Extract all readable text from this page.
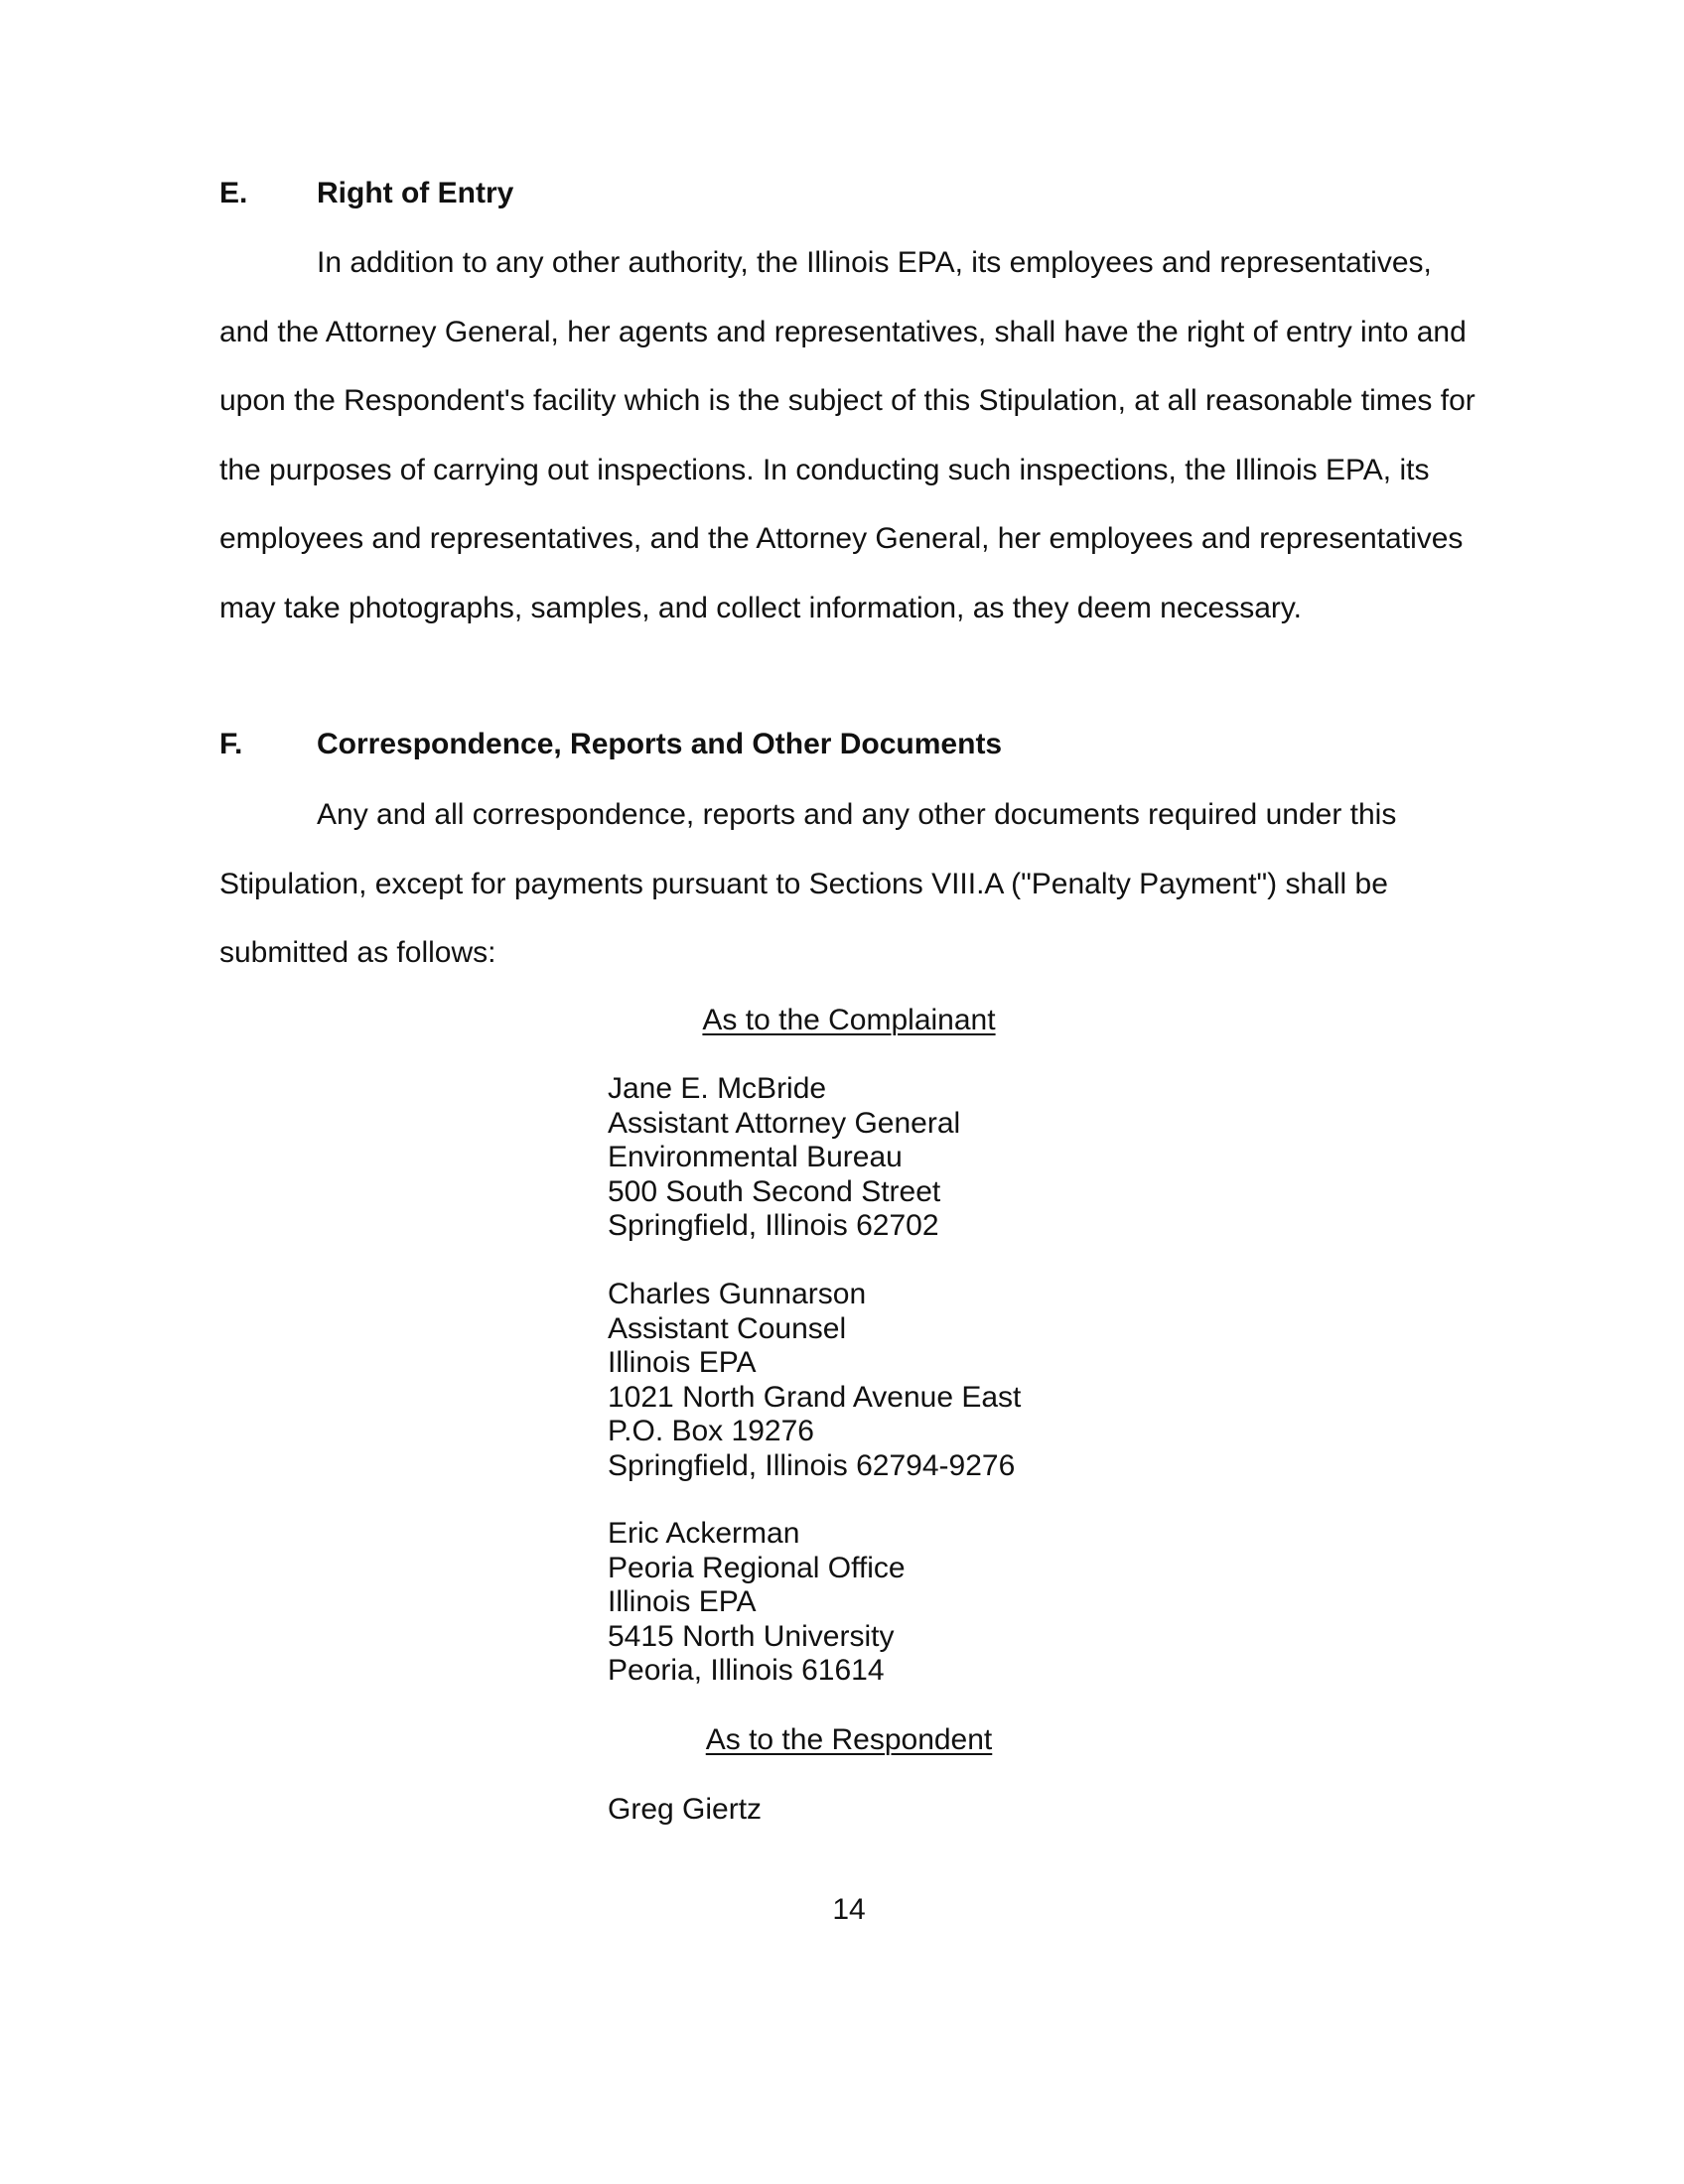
E. Right of Entry

In addition to any other authority, the Illinois EPA, its employees and representatives,
and the Attorney General, her agents and representatives, shall have the right of entry into and
upon the Respondent's facility which is the subject of this Stipulation, at all reasonable times for
the purposes of carrying out inspections. In conducting such inspections, the Illinois EPA, its
employees and representatives, and the Attorney General, her employees and representatives
may take photographs, samples, and collect information, as they deem necessary.

F. Correspondence, Reports and Other Documents

Any and all correspondence, reports and any other documents required under this
Stipulation, except for payments pursuant to Sections VIII.A ("Penalty Payment") shall be
submitted as follows:

As to the Complainant
Jane E. McBride
Assistant Attorney General
Environmental Bureau
500 South Second Street
Springfield, Illinois 62702
Charles Gunnarson
Assistant Counsel
Illinois EPA
1021 North Grand Avenue East
P.O. Box 19276
Springfield, Illinois 62794-9276
Eric Ackerman
Peoria Regional Office
Illinois EPA
5415 North University
Peoria, Illinois 61614
As to the Respondent
Greg Giertz
14
